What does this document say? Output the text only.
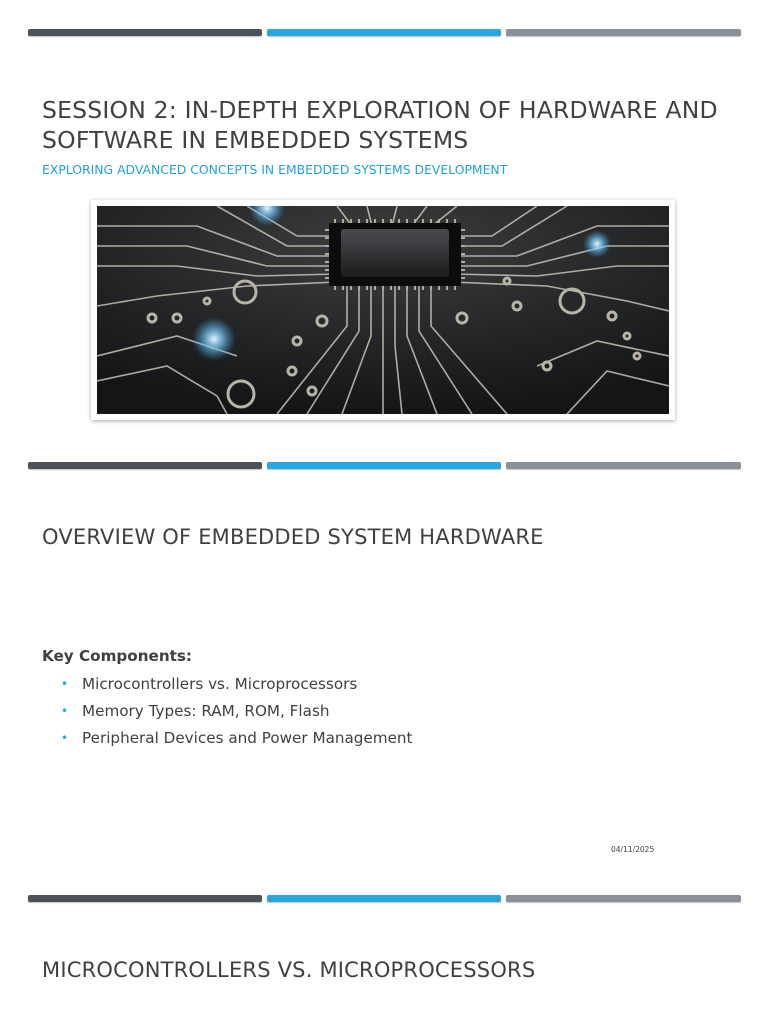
SESSION 2: IN-DEPTH EXPLORATION OF HARDWARE AND SOFTWARE IN EMBEDDED SYSTEMS

EXPLORING ADVANCED CONCEPTS IN EMBEDDED SYSTEMS DEVELOPMENT

OVERVIEW OF EMBEDDED SYSTEM HARDWARE

Key Components:

• Microcontrollers vs. Microprocessors
• Memory Types: RAM, ROM, Flash
• Peripheral Devices and Power Management
04/11/2025
MICROCONTROLLERS VS. MICROPROCESSORS
